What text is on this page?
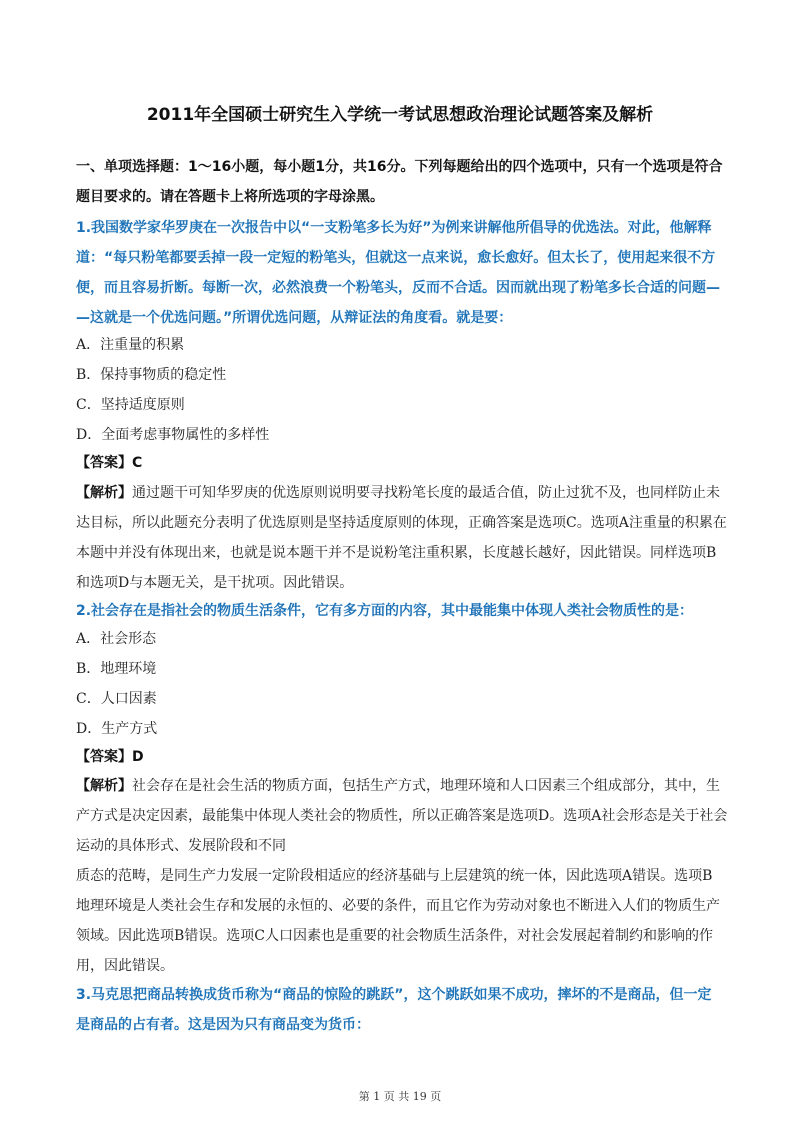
2011年全国硕士研究生入学统一考试思想政治理论试题答案及解析
一、单项选择题：1～16小题，每小题1分，共16分。下列每题给出的四个选项中，只有一个选项是符合
题目要求的。请在答题卡上将所选项的字母涂黑。
1.我国数学家华罗庚在一次报告中以“一支粉笔多长为好”为例来讲解他所倡导的优选法。对此，他解释
道：“每只粉笔都要丢掉一段一定短的粉笔头，但就这一点来说，愈长愈好。但太长了，使用起来很不方
便，而且容易折断。每断一次，必然浪费一个粉笔头，反而不合适。因而就出现了粉笔多长合适的问题—
—这就是一个优选问题。”所谓优选问题，从辩证法的角度看。就是要：
A．注重量的积累
B．保持事物质的稳定性
C．坚持适度原则
D．全面考虑事物属性的多样性
【答案】C
【解析】通过题干可知华罗庚的优选原则说明要寻找粉笔长度的最适合值，防止过犹不及，也同样防止未
达目标，所以此题充分表明了优选原则是坚持适度原则的体现，正确答案是选项C。选项A注重量的积累在
本题中并没有体现出来，也就是说本题干并不是说粉笔注重积累，长度越长越好，因此错误。同样选项B
和选项D与本题无关，是干扰项。因此错误。
2.社会存在是指社会的物质生活条件，它有多方面的内容，其中最能集中体现人类社会物质性的是：
A．社会形态
B．地理环境
C．人口因素
D．生产方式
【答案】D
【解析】社会存在是社会生活的物质方面，包括生产方式，地理环境和人口因素三个组成部分，其中，生
产方式是决定因素，最能集中体现人类社会的物质性，所以正确答案是选项D。选项A社会形态是关于社会
运动的具体形式、发展阶段和不同
质态的范畴，是同生产力发展一定阶段相适应的经济基础与上层建筑的统一体，因此选项A错误。选项B
地理环境是人类社会生存和发展的永恒的、必要的条件，而且它作为劳动对象也不断进入人们的物质生产
领域。因此选项B错误。选项C人口因素也是重要的社会物质生活条件，对社会发展起着制约和影响的作
用，因此错误。
3.马克思把商品转换成货币称为“商品的惊险的跳跃”，这个跳跃如果不成功，摔坏的不是商品，但一定
是商品的占有者。这是因为只有商品变为货币：
第 1 页 共 19 页
